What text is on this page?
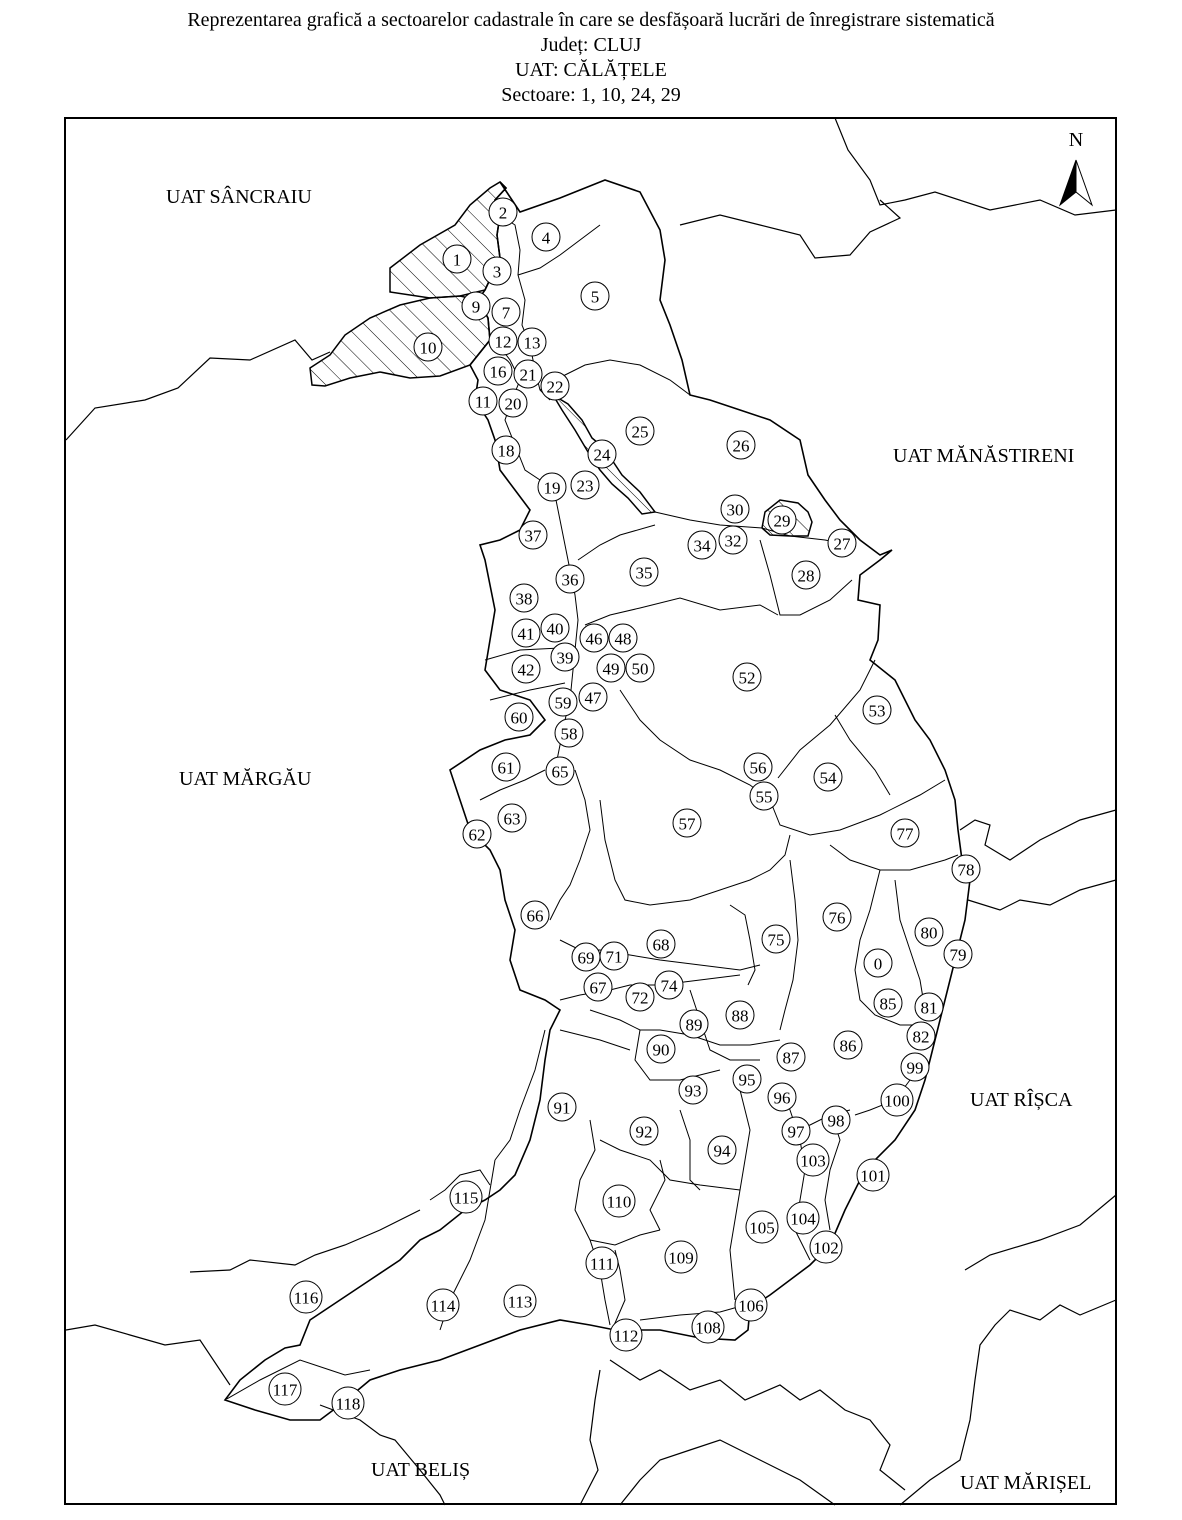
Reprezentarea grafică a sectoarelor cadastrale în care se desfășoară lucrări de înregistrare sistematică
Județ: CLUJ
UAT: CĂLĂȚELE
Sectoare: 1, 10, 24, 29
N
UAT SÂNCRAIU
UAT MĂNĂSTIRENI
UAT MĂRGĂU
UAT RÎȘCA
UAT BELIȘ
UAT MĂRIȘEL
2
4
1
3
5
9 7
10	12 13
16 21
22
11 20
25
26
18	24
19 23
30
29
34 32	27
37
35	28
36
38
41 40
46 48
42
39
49 50	52
59 47
60	53
58
61 65	56
54
55
63
62
57
77
78
66	76
75	80
68
69 71	0	79
67	74
72	85 81
88
89
82
86
90	87
99
93
95
91
96	100
98
97
92
94
103
101
115	110
104
105
102
111	109
116	114	113	106
108
112
117
118
